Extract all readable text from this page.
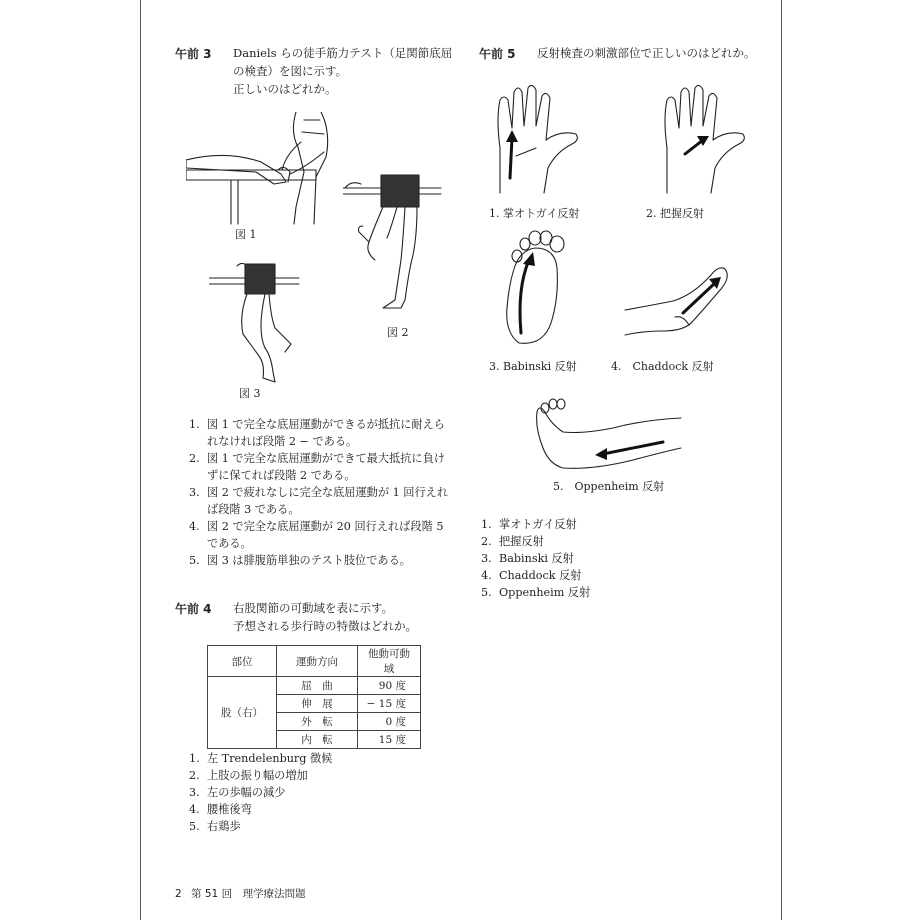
午前 3 Daniels らの徒手筋力テスト（足関節底屈
の検査）を図に示す。
正しいのはどれか。
図 1
図 2
図 3
1. 図 1 で完全な底屈運動ができるが抵抗に耐えら
れなければ段階 2 − である。
2. 図 1 で完全な底屈運動ができて最大抵抗に負け
ずに保てれば段階 2 である。
3. 図 2 で疲れなしに完全な底屈運動が 1 回行えれ
ば段階 3 である。
4. 図 2 で完全な底屈運動が 20 回行えれば段階 5
である。
5. 図 3 は腓腹筋単独のテスト肢位である。
午前 4 右股関節の可動域を表に示す。
予想される歩行時の特徴はどれか。
部位	運動方向	他動可動域
股（右）	屈　曲	90 度
	伸　展	− 15 度
	外　転	0 度
	内　転	15 度
1. 左 Trendelenburg 徴候
2. 上肢の振り幅の増加
3. 左の歩幅の減少
4. 腰椎後弯
5. 右鶏歩
午前 5 反射検査の刺激部位で正しいのはどれか。
1. 掌オトガイ反射	2. 把握反射
3. Babinski 反射	4.　Chaddock 反射
5.　Oppenheim 反射
1. 掌オトガイ反射
2. 把握反射
3. Babinski 反射
4. Chaddock 反射
5. Oppenheim 反射
2 第 51 回　理学療法問題
